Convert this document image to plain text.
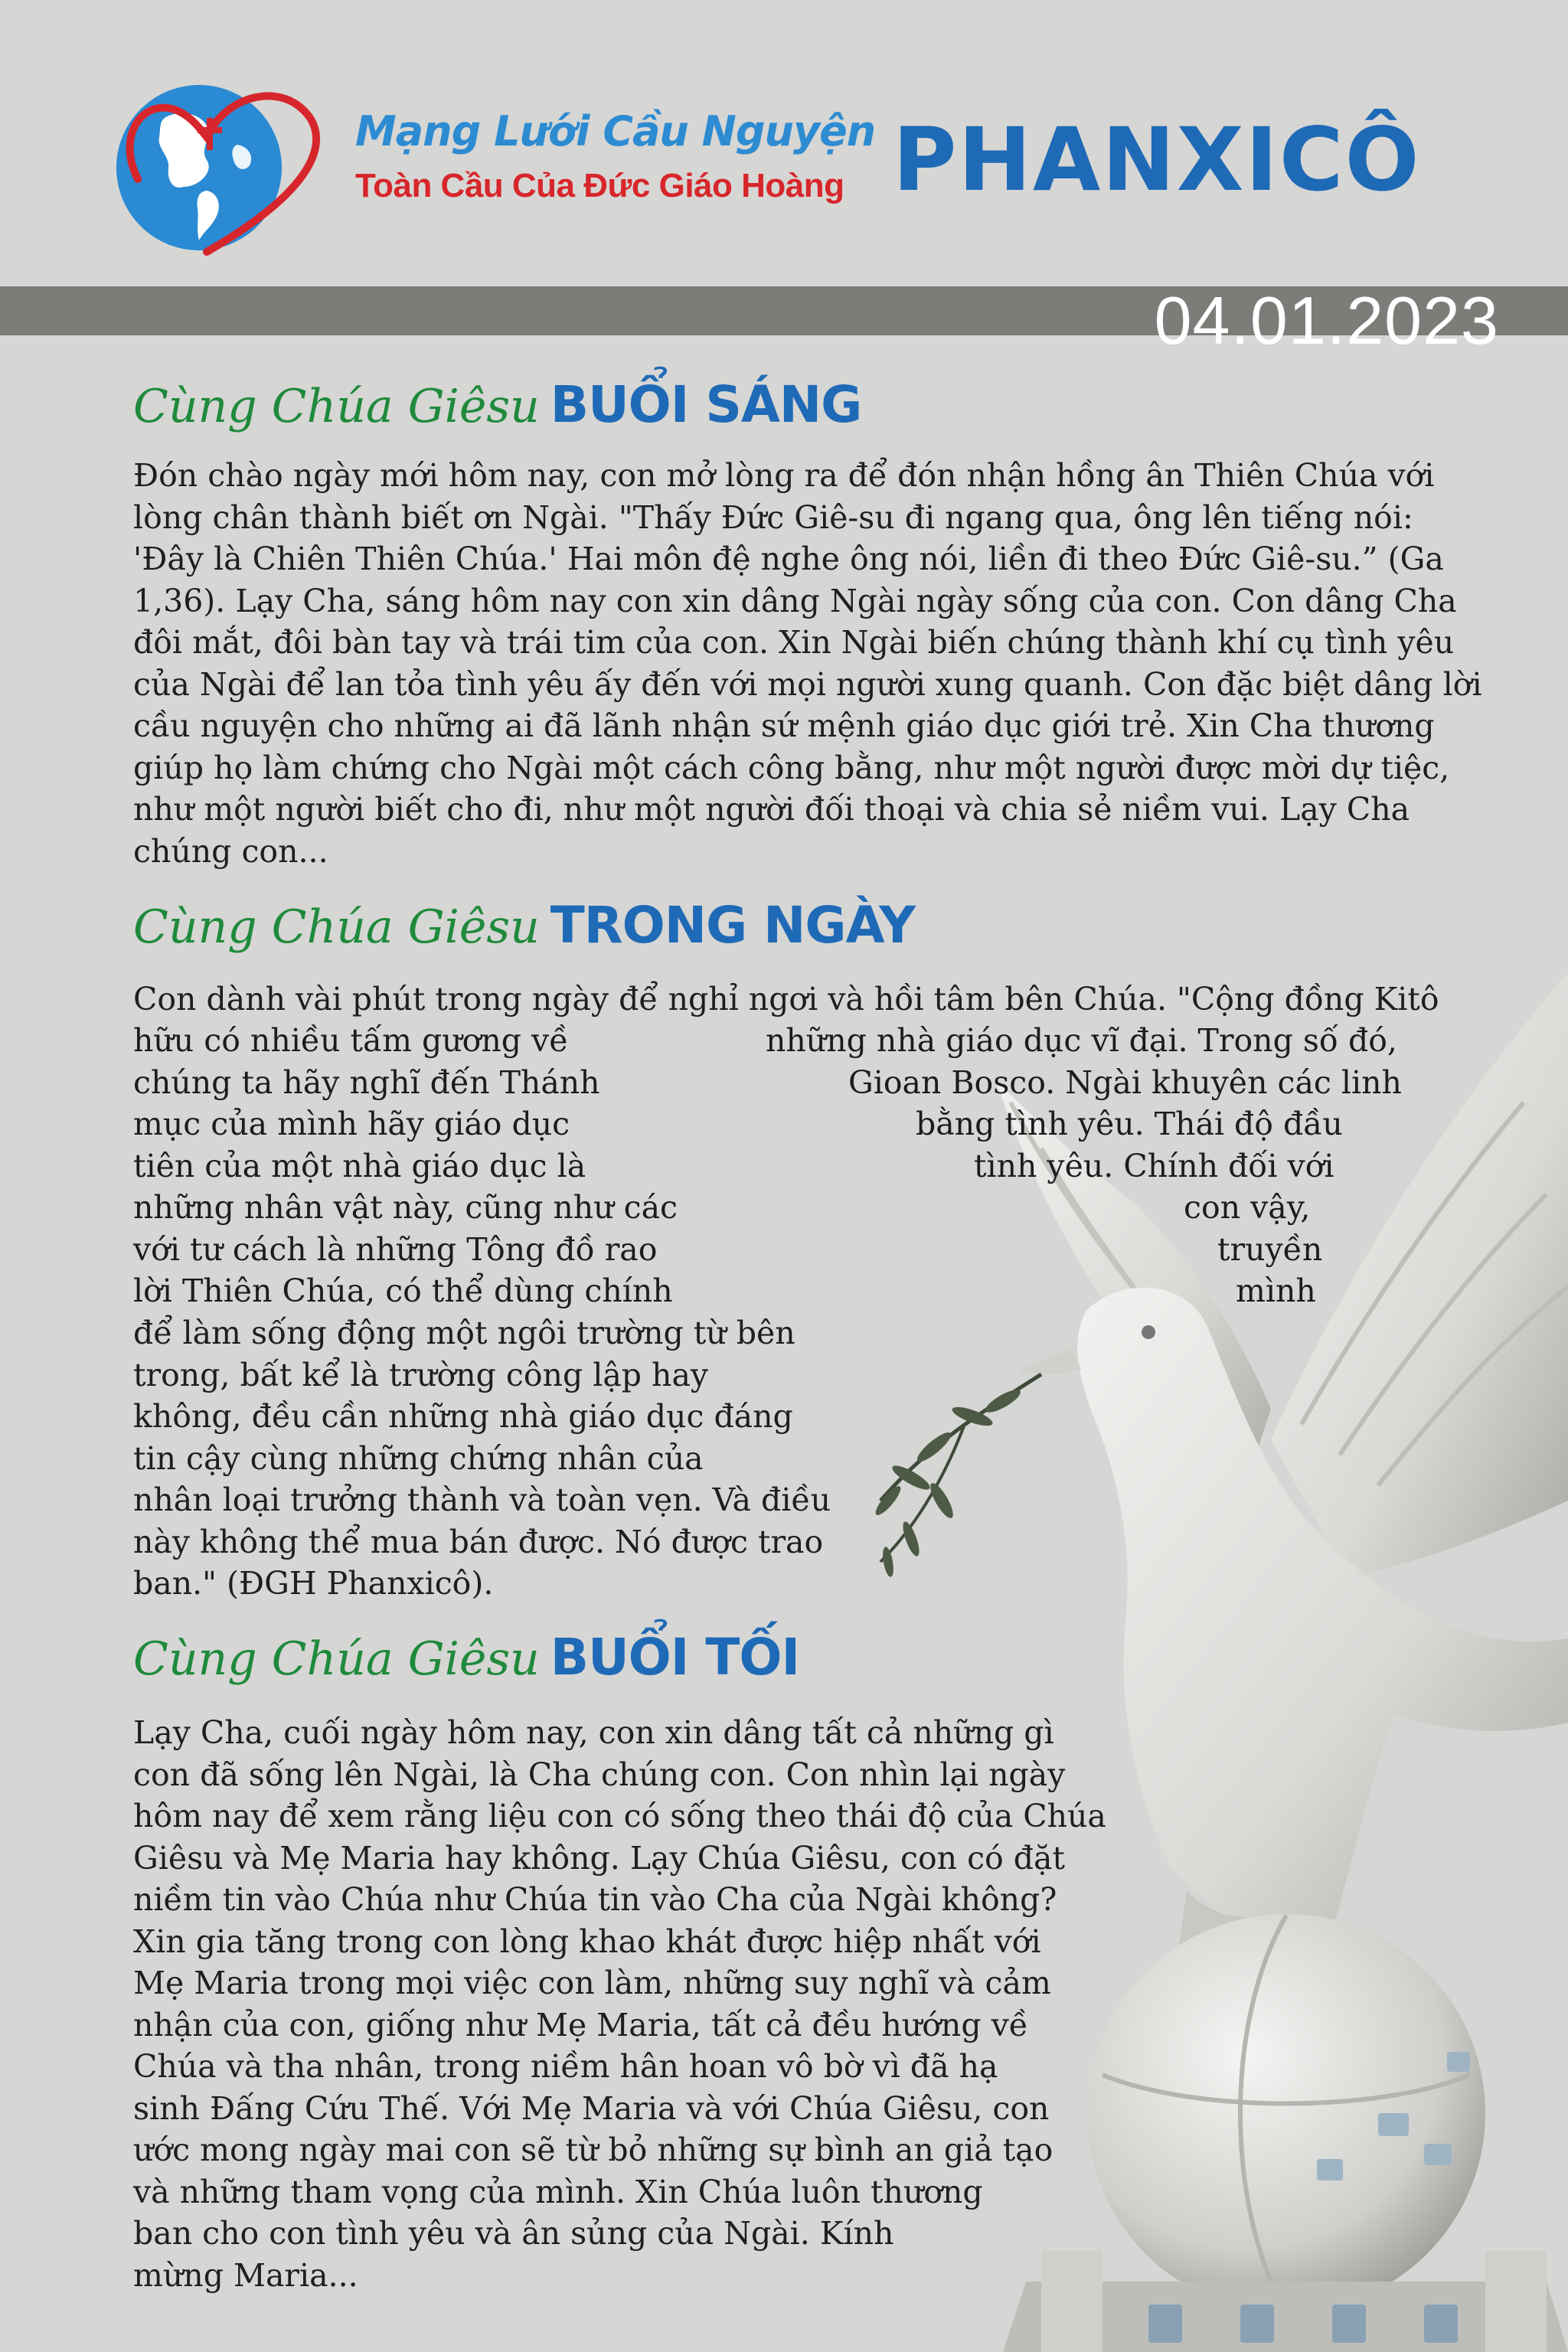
Mạng Lưới Cầu Nguyện
Toàn Cầu Của Đức Giáo Hoàng PHANXICÔ
04.01.2023
Cùng Chúa Giêsu BUỔI SÁNG
Đón chào ngày mới hôm nay, con mở lòng ra để đón nhận hồng ân Thiên Chúa với
lòng chân thành biết ơn Ngài. "Thấy Đức Giê-su đi ngang qua, ông lên tiếng nói:
'Đây là Chiên Thiên Chúa.' Hai môn đệ nghe ông nói, liền đi theo Đức Giê-su.” (Ga
1,36). Lạy Cha, sáng hôm nay con xin dâng Ngài ngày sống của con. Con dâng Cha
đôi mắt, đôi bàn tay và trái tim của con. Xin Ngài biến chúng thành khí cụ tình yêu
của Ngài để lan tỏa tình yêu ấy đến với mọi người xung quanh. Con đặc biệt dâng lời
cầu nguyện cho những ai đã lãnh nhận sứ mệnh giáo dục giới trẻ. Xin Cha thương
giúp họ làm chứng cho Ngài một cách công bằng, như một người được mời dự tiệc,
như một người biết cho đi, như một người đối thoại và chia sẻ niềm vui. Lạy Cha
chúng con...
Cùng Chúa Giêsu TRONG NGÀY
Con dành vài phút trong ngày để nghỉ ngơi và hồi tâm bên Chúa. "Cộng đồng Kitô
hữu có nhiều tấm gương về	những nhà giáo dục vĩ đại. Trong số đó,
chúng ta hãy nghĩ đến Thánh	Gioan Bosco. Ngài khuyên các linh
mục của mình hãy giáo dục	bằng tình yêu. Thái độ đầu
tiên của một nhà giáo dục là	tình yêu. Chính đối với
những nhân vật này, cũng như các	con vậy,
với tư cách là những Tông đồ rao	truyền
lời Thiên Chúa, có thể dùng chính	mình
để làm sống động một ngôi trường từ bên
trong, bất kể là trường công lập hay
không, đều cần những nhà giáo dục đáng
tin cậy cùng những chứng nhân của
nhân loại trưởng thành và toàn vẹn. Và điều
này không thể mua bán được. Nó được trao
ban." (ĐGH Phanxicô).
Cùng Chúa Giêsu BUỔI TỐI
Lạy Cha, cuối ngày hôm nay, con xin dâng tất cả những gì
con đã sống lên Ngài, là Cha chúng con. Con nhìn lại ngày
hôm nay để xem rằng liệu con có sống theo thái độ của Chúa
Giêsu và Mẹ Maria hay không. Lạy Chúa Giêsu, con có đặt
niềm tin vào Chúa như Chúa tin vào Cha của Ngài không?
Xin gia tăng trong con lòng khao khát được hiệp nhất với
Mẹ Maria trong mọi việc con làm, những suy nghĩ và cảm
nhận của con, giống như Mẹ Maria, tất cả đều hướng về
Chúa và tha nhân, trong niềm hân hoan vô bờ vì đã hạ
sinh Đấng Cứu Thế. Với Mẹ Maria và với Chúa Giêsu, con
ước mong ngày mai con sẽ từ bỏ những sự bình an giả tạo
và những tham vọng của mình. Xin Chúa luôn thương
ban cho con tình yêu và ân sủng của Ngài. Kính
mừng Maria...
